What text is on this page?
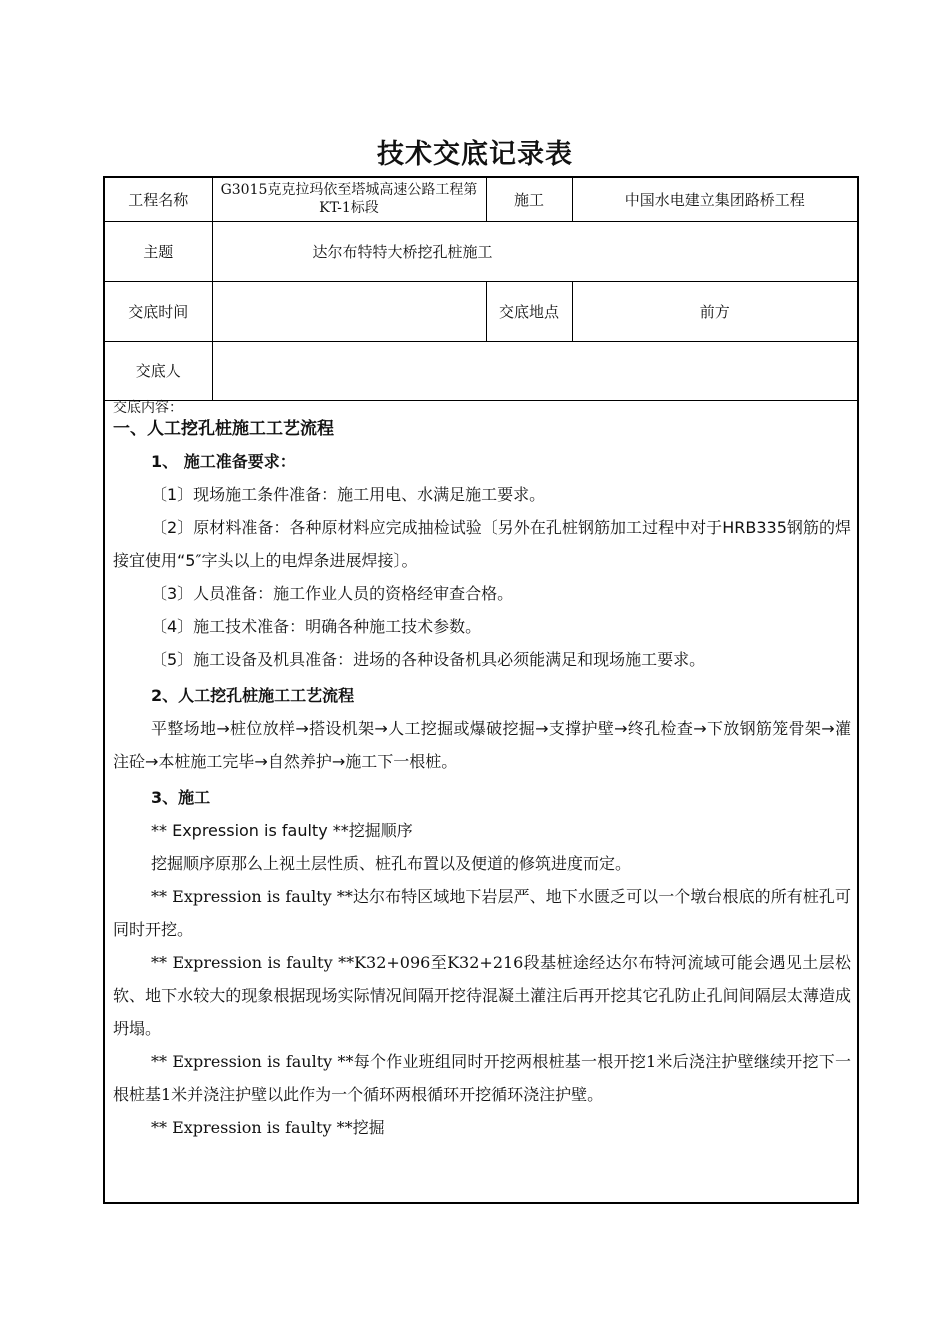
技术交底记录表
工程名称	G3015克克拉玛依至塔城高速公路工程第KT-1标段	施工	中国水电建立集团路桥工程
主题	达尔布特特大桥挖孔桩施工		
交底时间		交底地点	前方
交底人			
交底内容：
一、人工挖孔桩施工工艺流程
1、 施工准备要求：

〔1〕现场施工条件准备：施工用电、水满足施工要求。

〔2〕原材料准备：各种原材料应完成抽检试验〔另外在孔桩钢筋加工过程中对于HRB335钢筋的焊接宜使用“5″字头以上的电焊条进展焊接〕。

〔3〕人员准备：施工作业人员的资格经审查合格。

〔4〕施工技术准备：明确各种施工技术参数。

〔5〕施工设备及机具准备：进场的各种设备机具必须能满足和现场施工要求。

2、人工挖孔桩施工工艺流程

平整场地→桩位放样→搭设机架→人工挖掘或爆破挖掘→支撑护壁→终孔检查→下放钢筋笼骨架→灌注砼→本桩施工完毕→自然养护→施工下一根桩。

3、施工

** Expression is faulty **挖掘顺序

挖掘顺序原那么上视土层性质、桩孔布置以及便道的修筑进度而定。

** Expression is faulty **达尔布特区域地下岩层严、地下水匮乏可以一个墩台根底的所有桩孔可同时开挖。

** Expression is faulty **K32+096至K32+216段基桩途经达尔布特河流域可能会遇见土层松软、地下水较大的现象根据现场实际情况间隔开挖待混凝土灌注后再开挖其它孔防止孔间间隔层太薄造成坍塌。

** Expression is faulty **每个作业班组同时开挖两根桩基一根开挖1米后浇注护壁继续开挖下一根桩基1米并浇注护壁以此作为一个循环两根循环开挖循环浇注护壁。

** Expression is faulty **挖掘
